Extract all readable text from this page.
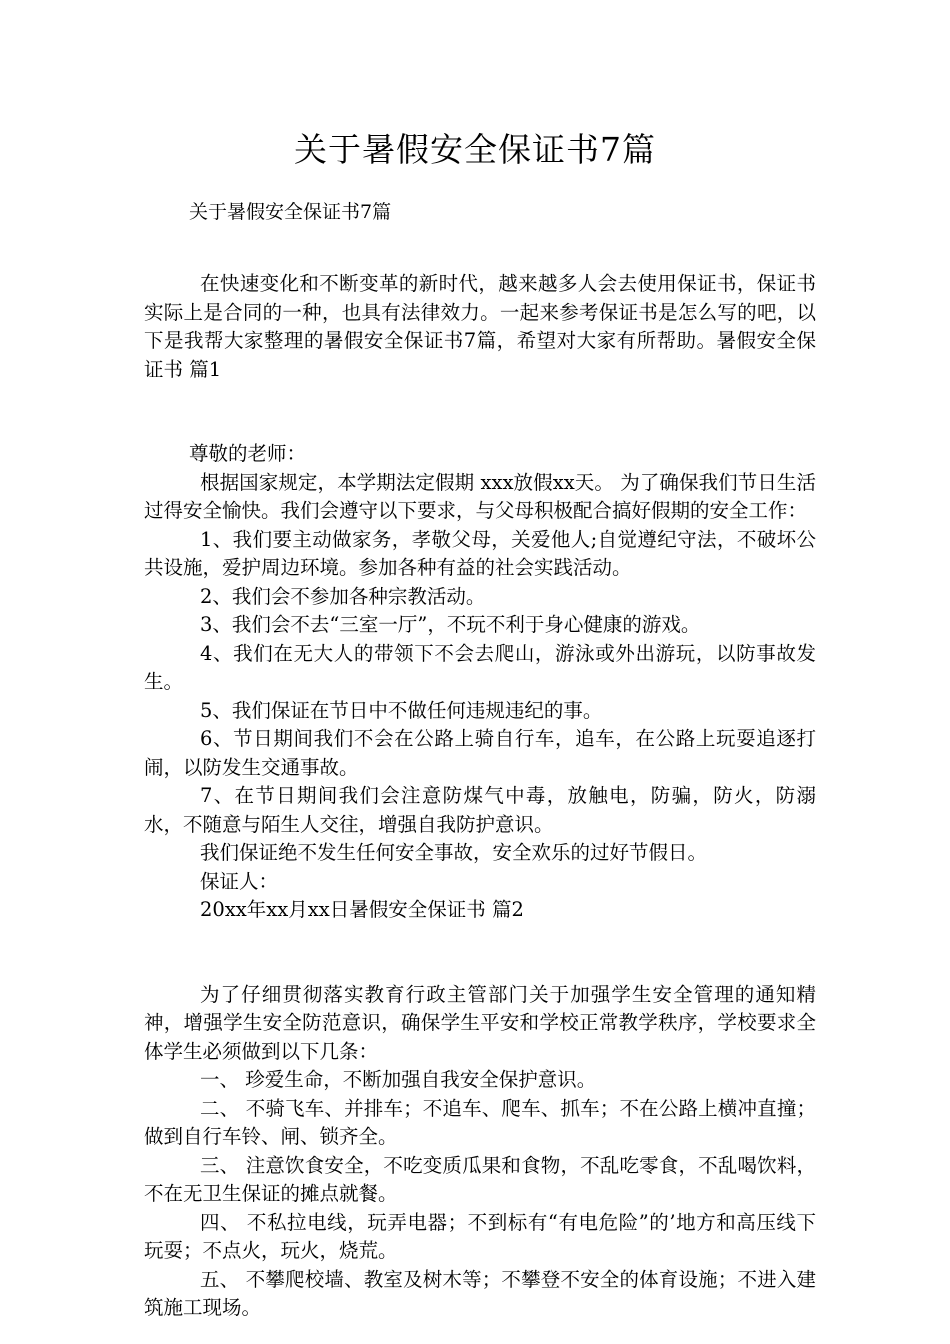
关于暑假安全保证书7篇

关于暑假安全保证书7篇

在快速变化和不断变革的新时代，越来越多人会去使用保证书，保证书实际上是合同的一种，也具有法律效力。一起来参考保证书是怎么写的吧，以下是我帮大家整理的暑假安全保证书7篇，希望对大家有所帮助。暑假安全保证书 篇1

尊敬的老师：

根据国家规定，本学期法定假期 xxx放假xx天。 为了确保我们节日生活过得安全愉快。我们会遵守以下要求，与父母积极配合搞好假期的安全工作：

1、我们要主动做家务，孝敬父母，关爱他人;自觉遵纪守法，不破坏公共设施，爱护周边环境。参加各种有益的社会实践活动。

2、我们会不参加各种宗教活动。

3、我们会不去“三室一厅”，不玩不利于身心健康的游戏。

4、我们在无大人的带领下不会去爬山，游泳或外出游玩，以防事故发生。

5、我们保证在节日中不做任何违规违纪的事。

6、节日期间我们不会在公路上骑自行车，追车，在公路上玩耍追逐打闹，以防发生交通事故。

7、在节日期间我们会注意防煤气中毒，放触电，防骗，防火，防溺水，不随意与陌生人交往，增强自我防护意识。

我们保证绝不发生任何安全事故，安全欢乐的过好节假日。

保证人：

20xx年xx月xx日暑假安全保证书 篇2

为了仔细贯彻落实教育行政主管部门关于加强学生安全管理的通知精神，增强学生安全防范意识，确保学生平安和学校正常教学秩序，学校要求全体学生必须做到以下几条：

一、 珍爱生命，不断加强自我安全保护意识。

二、 不骑飞车、并排车；不追车、爬车、抓车；不在公路上横冲直撞；做到自行车铃、闸、锁齐全。

三、 注意饮食安全，不吃变质瓜果和食物，不乱吃零食，不乱喝饮料，不在无卫生保证的摊点就餐。

四、 不私拉电线，玩弄电器；不到标有“有电危险”的’地方和高压线下玩耍；不点火，玩火，烧荒。

五、 不攀爬校墙、教室及树木等；不攀登不安全的体育设施；不进入建筑施工现场。
